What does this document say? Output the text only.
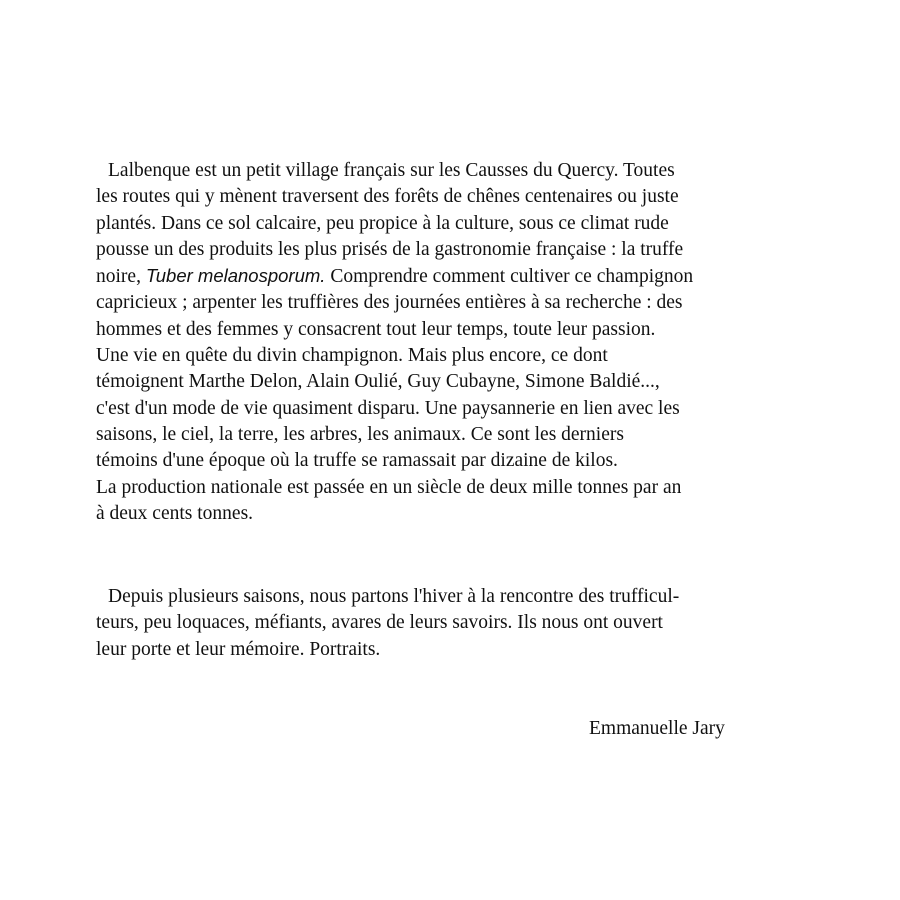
Lalbenque est un petit village français sur les Causses du Quercy. Toutes
les routes qui y mènent traversent des forêts de chênes centenaires ou juste
plantés. Dans ce sol calcaire, peu propice à la culture, sous ce climat rude
pousse un des produits les plus prisés de la gastronomie française : la truffe
noire, Tuber melanosporum. Comprendre comment cultiver ce champignon
capricieux ; arpenter les truffières des journées entières à sa recherche : des
hommes et des femmes y consacrent tout leur temps, toute leur passion.
Une vie en quête du divin champignon. Mais plus encore, ce dont
témoignent Marthe Delon, Alain Oulié, Guy Cubayne, Simone Baldié...,
c'est d'un mode de vie quasiment disparu. Une paysannerie en lien avec les
saisons, le ciel, la terre, les arbres, les animaux. Ce sont les derniers
témoins d'une époque où la truffe se ramassait par dizaine de kilos.
La production nationale est passée en un siècle de deux mille tonnes par an
à deux cents tonnes.
Depuis plusieurs saisons, nous partons l'hiver à la rencontre des trufficul-
teurs, peu loquaces, méfiants, avares de leurs savoirs. Ils nous ont ouvert
leur porte et leur mémoire. Portraits.
Emmanuelle Jary
